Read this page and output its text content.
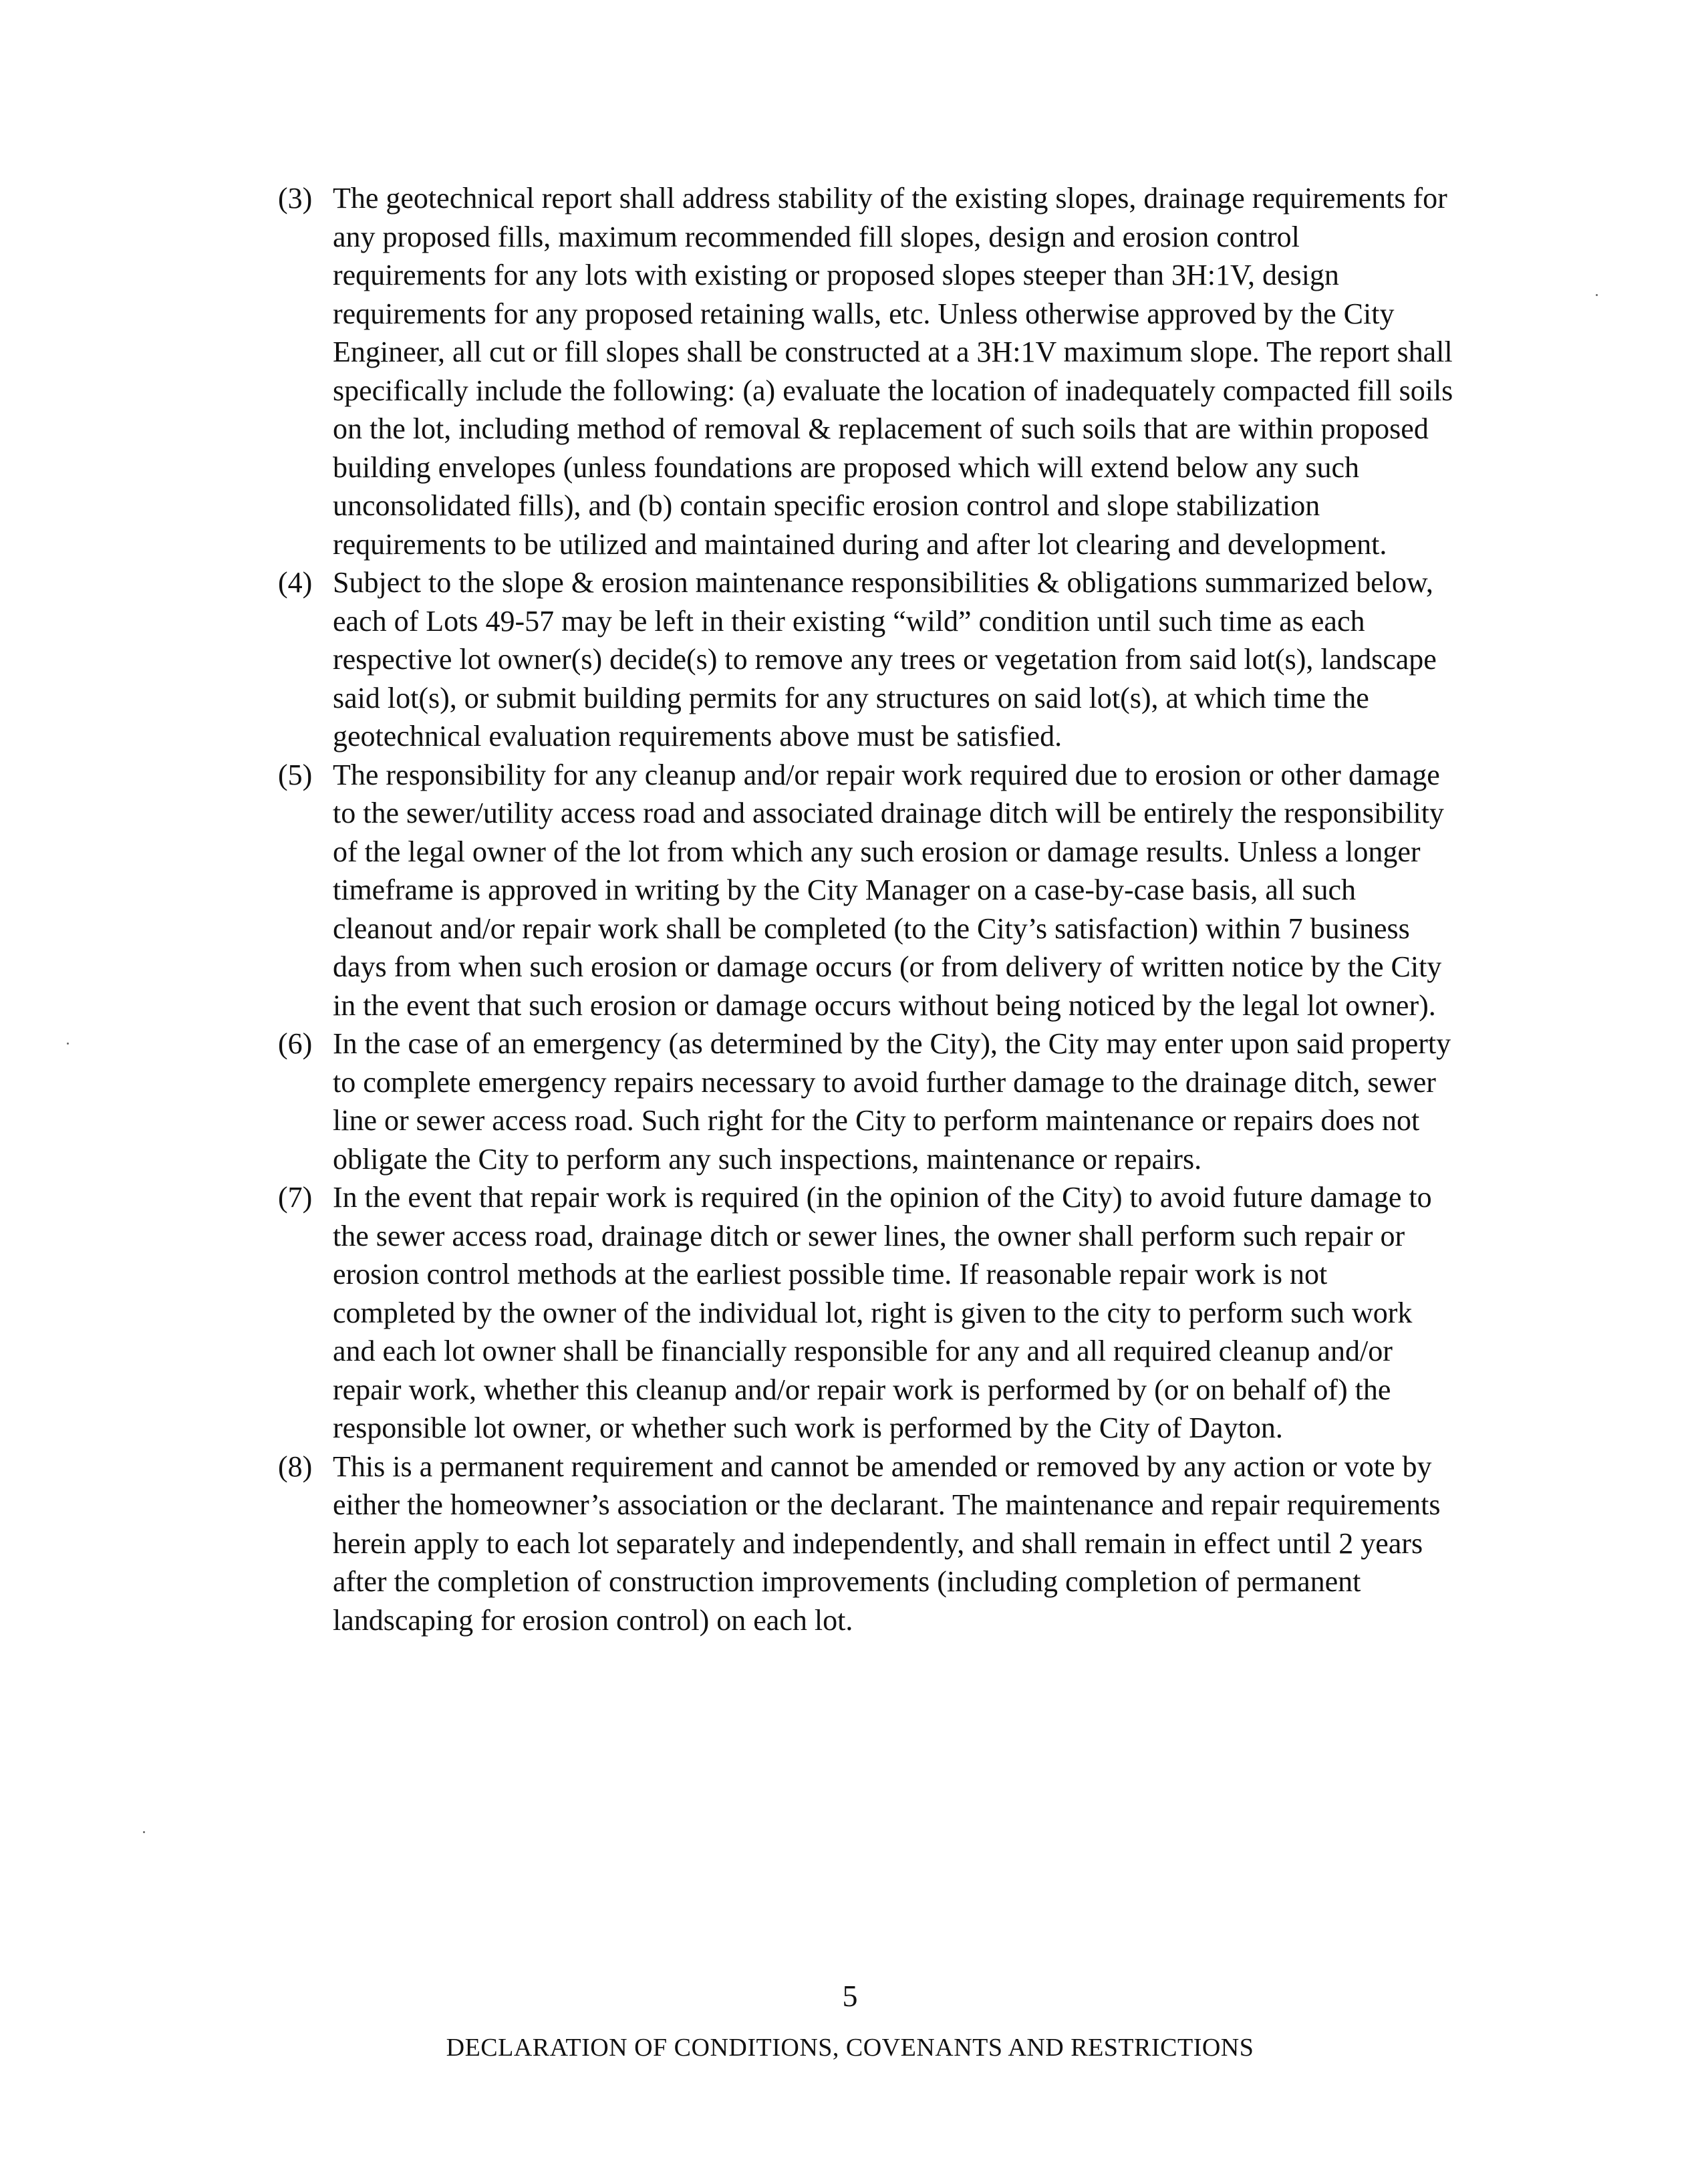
(3) The geotechnical report shall address stability of the existing slopes, drainage requirements for any proposed fills, maximum recommended fill slopes, design and erosion control requirements for any lots with existing or proposed slopes steeper than 3H:1V, design requirements for any proposed retaining walls, etc. Unless otherwise approved by the City Engineer, all cut or fill slopes shall be constructed at a 3H:1V maximum slope. The report shall specifically include the following: (a) evaluate the location of inadequately compacted fill soils on the lot, including method of removal & replacement of such soils that are within proposed building envelopes (unless foundations are proposed which will extend below any such unconsolidated fills), and (b) contain specific erosion control and slope stabilization requirements to be utilized and maintained during and after lot clearing and development.
(4) Subject to the slope & erosion maintenance responsibilities & obligations summarized below, each of Lots 49-57 may be left in their existing “wild” condition until such time as each respective lot owner(s) decide(s) to remove any trees or vegetation from said lot(s), landscape said lot(s), or submit building permits for any structures on said lot(s), at which time the geotechnical evaluation requirements above must be satisfied.
(5) The responsibility for any cleanup and/or repair work required due to erosion or other damage to the sewer/utility access road and associated drainage ditch will be entirely the responsibility of the legal owner of the lot from which any such erosion or damage results. Unless a longer timeframe is approved in writing by the City Manager on a case-by-case basis, all such cleanout and/or repair work shall be completed (to the City’s satisfaction) within 7 business days from when such erosion or damage occurs (or from delivery of written notice by the City in the event that such erosion or damage occurs without being noticed by the legal lot owner).
(6) In the case of an emergency (as determined by the City), the City may enter upon said property to complete emergency repairs necessary to avoid further damage to the drainage ditch, sewer line or sewer access road. Such right for the City to perform maintenance or repairs does not obligate the City to perform any such inspections, maintenance or repairs.
(7) In the event that repair work is required (in the opinion of the City) to avoid future damage to the sewer access road, drainage ditch or sewer lines, the owner shall perform such repair or erosion control methods at the earliest possible time. If reasonable repair work is not completed by the owner of the individual lot, right is given to the city to perform such work and each lot owner shall be financially responsible for any and all required cleanup and/or repair work, whether this cleanup and/or repair work is performed by (or on behalf of) the responsible lot owner, or whether such work is performed by the City of Dayton.
(8) This is a permanent requirement and cannot be amended or removed by any action or vote by either the homeowner’s association or the declarant. The maintenance and repair requirements herein apply to each lot separately and independently, and shall remain in effect until 2 years after the completion of construction improvements (including completion of permanent landscaping for erosion control) on each lot.
5
DECLARATION OF CONDITIONS, COVENANTS AND RESTRICTIONS
